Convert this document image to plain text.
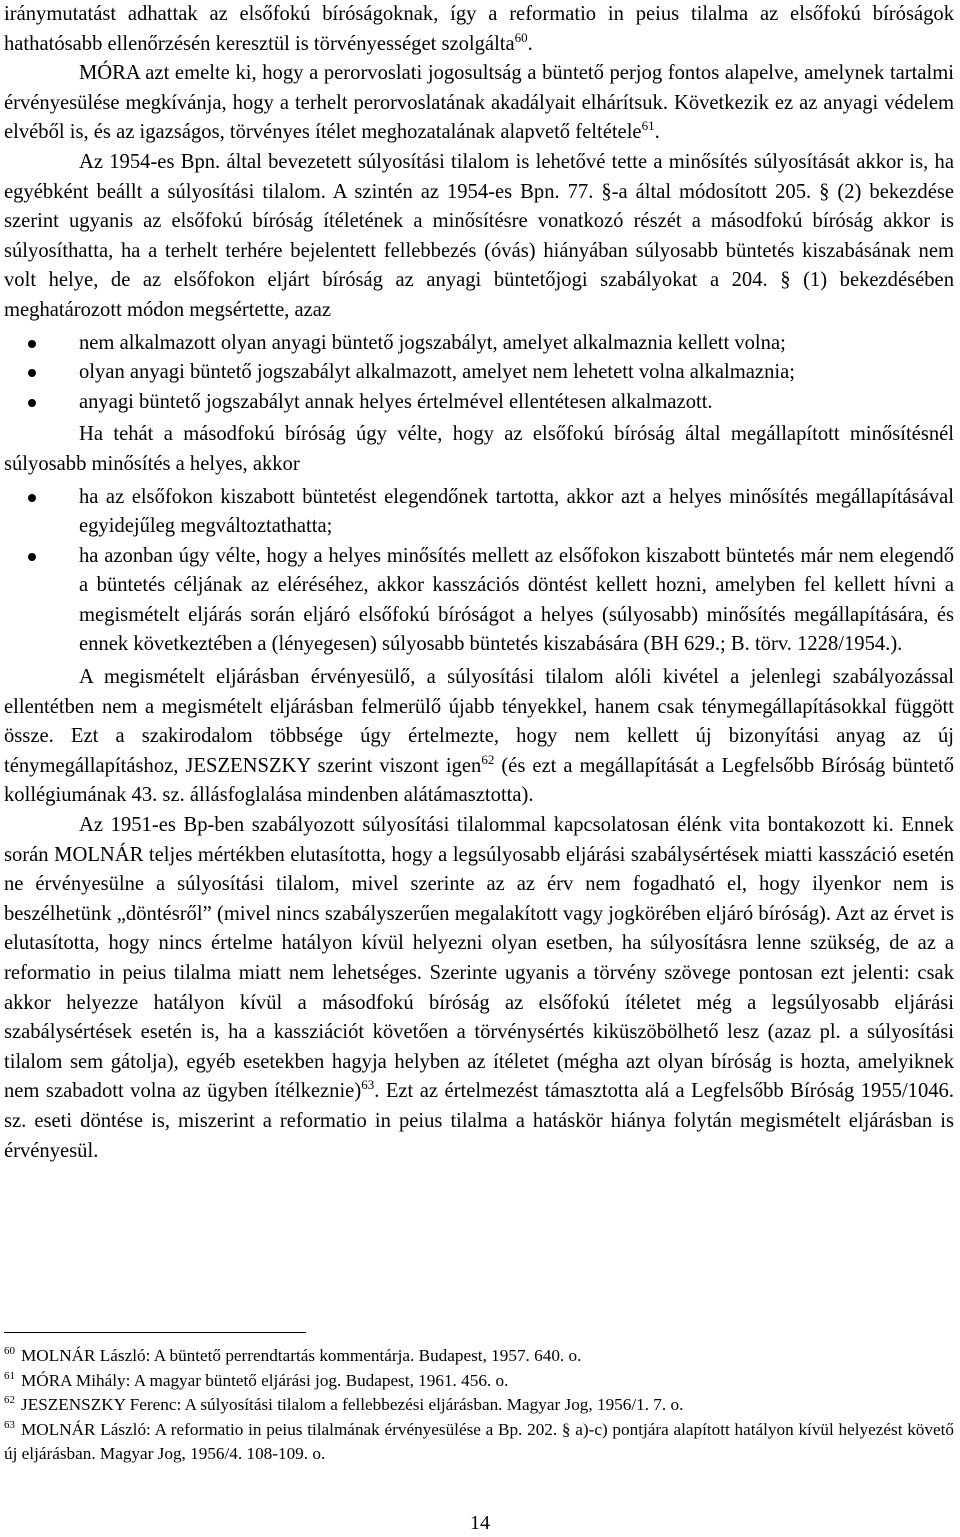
iránymutatást adhattak az elsőfokú bíróságoknak, így a reformatio in peius tilalma az elsőfokú bíróságok hathatósabb ellenőrzésén keresztül is törvényességet szolgálta$^{60}$.

MÓRA azt emelte ki, hogy a perorvoslati jogosultság a büntető perjog fontos alapelve, amelynek tartalmi érvényesülése megkívánja, hogy a terhelt perorvoslatának akadályait elhárítsuk. Következik ez az anyagi védelem elvéből is, és az igazságos, törvényes ítélet meghozatalának alapvető feltétele$^{61}$.

Az 1954-es Bpn. által bevezetett súlyosítási tilalom is lehetővé tette a minősítés súlyosítását akkor is, ha egyébként beállt a súlyosítási tilalom. A szintén az 1954-es Bpn. 77. §-a által módosított 205. § (2) bekezdése szerint ugyanis az elsőfokú bíróság ítéletének a minősítésre vonatkozó részét a másodfokú bíróság akkor is súlyosíthatta, ha a terhelt terhére bejelentett fellebbezés (óvás) hiányában súlyosabb büntetés kiszabásának nem volt helye, de az elsőfokon eljárt bíróság az anyagi büntetőjogi szabályokat a 204. § (1) bekezdésében meghatározott módon megsértette, azaz

nem alkalmazott olyan anyagi büntető jogszabályt, amelyet alkalmaznia kellett volna;
olyan anyagi büntető jogszabályt alkalmazott, amelyet nem lehetett volna alkalmaznia;
anyagi büntető jogszabályt annak helyes értelmével ellentétesen alkalmazott.

Ha tehát a másodfokú bíróság úgy vélte, hogy az elsőfokú bíróság által megállapított minősítésnél súlyosabb minősítés a helyes, akkor

ha az elsőfokon kiszabott büntetést elegendőnek tartotta, akkor azt a helyes minősítés megállapításával egyidejűleg megváltoztathatta;
ha azonban úgy vélte, hogy a helyes minősítés mellett az elsőfokon kiszabott büntetés már nem elegendő a büntetés céljának az eléréséhez, akkor kasszációs döntést kellett hozni, amelyben fel kellett hívni a megismételt eljárás során eljáró elsőfokú bíróságot a helyes (súlyosabb) minősítés megállapítására, és ennek következtében a (lényegesen) súlyosabb büntetés kiszabására (BH 629.; B. törv. 1228/1954.).

A megismételt eljárásban érvényesülő, a súlyosítási tilalom alóli kivétel a jelenlegi szabályozással ellentétben nem a megismételt eljárásban felmerülő újabb tényekkel, hanem csak ténymegállapításokkal függött össze. Ezt a szakirodalom többsége úgy értelmezte, hogy nem kellett új bizonyítási anyag az új ténymegállapításhoz, JESZENSZKY szerint viszont igen$^{62}$ (és ezt a megállapítását a Legfelsőbb Bíróság büntető kollégiumának 43. sz. állásfoglalása mindenben alátámasztotta).

Az 1951-es Bp-ben szabályozott súlyosítási tilalommal kapcsolatosan élénk vita bontakozott ki. Ennek során MOLNÁR teljes mértékben elutasította, hogy a legsúlyosabb eljárási szabálysértések miatti kasszáció esetén ne érvényesülne a súlyosítási tilalom, mivel szerinte az az érv nem fogadható el, hogy ilyenkor nem is beszélhetünk „döntésről” (mivel nincs szabályszerűen megalakított vagy jogkörében eljáró bíróság). Azt az érvet is elutasította, hogy nincs értelme hatályon kívül helyezni olyan esetben, ha súlyosításra lenne szükség, de az a reformatio in peius tilalma miatt nem lehetséges. Szerinte ugyanis a törvény szövege pontosan ezt jelenti: csak akkor helyezze hatályon kívül a másodfokú bíróság az elsőfokú ítéletet még a legsúlyosabb eljárási szabálysértések esetén is, ha a kassziációt követően a törvénysértés kiküszöbölhető lesz (azaz pl. a súlyosítási tilalom sem gátolja), egyéb esetekben hagyja helyben az ítéletet (mégha azt olyan bíróság is hozta, amelyiknek nem szabadott volna az ügyben ítélkeznie)$^{63}$. Ezt az értelmezést támasztotta alá a Legfelsőbb Bíróság 1955/1046. sz. eseti döntése is, miszerint a reformatio in peius tilalma a hatáskör hiánya folytán megismételt eljárásban is érvényesül.

$^{60}$ MOLNÁR László: A büntető perrendtartás kommentárja. Budapest, 1957. 640. o.

$^{61}$ MÓRA Mihály: A magyar büntető eljárási jog. Budapest, 1961. 456. o.

$^{62}$ JESZENSZKY Ferenc: A súlyosítási tilalom a fellebbezési eljárásban. Magyar Jog, 1956/1. 7. o.

$^{63}$ MOLNÁR László: A reformatio in peius tilalmának érvényesülése a Bp. 202. § a)-c) pontjára alapított hatályon kívül helyezést követő új eljárásban. Magyar Jog, 1956/4. 108-109. o.

14
